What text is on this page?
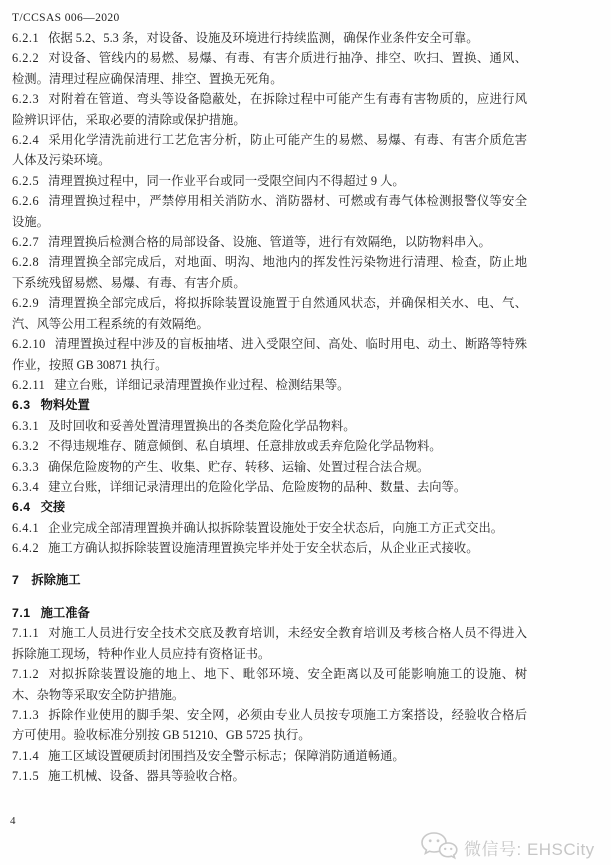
T/CCSAS 006—2020

6.2.1 依据 5.2、5.3 条，对设备、设施及环境进行持续监测，确保作业条件安全可靠。

6.2.2 对设备、管线内的易燃、易爆、有毒、有害介质进行抽净、排空、吹扫、置换、通风、检测。清理过程应确保清理、排空、置换无死角。

6.2.3 对附着在管道、弯头等设备隐蔽处，在拆除过程中可能产生有毒有害物质的，应进行风险辨识评估，采取必要的清除或保护措施。

6.2.4 采用化学清洗前进行工艺危害分析，防止可能产生的易燃、易爆、有毒、有害介质危害人体及污染环境。

6.2.5 清理置换过程中，同一作业平台或同一受限空间内不得超过 9 人。

6.2.6 清理置换过程中，严禁停用相关消防水、消防器材、可燃或有毒气体检测报警仪等安全设施。

6.2.7 清理置换后检测合格的局部设备、设施、管道等，进行有效隔绝，以防物料串入。

6.2.8 清理置换全部完成后，对地面、明沟、地池内的挥发性污染物进行清理、检查，防止地下系统残留易燃、易爆、有毒、有害介质。

6.2.9 清理置换全部完成后，将拟拆除装置设施置于自然通风状态，并确保相关水、电、气、汽、风等公用工程系统的有效隔绝。

6.2.10 清理置换过程中涉及的盲板抽堵、进入受限空间、高处、临时用电、动土、断路等特殊作业，按照 GB 30871 执行。

6.2.11 建立台账，详细记录清理置换作业过程、检测结果等。

6.3 物料处置

6.3.1 及时回收和妥善处置清理置换出的各类危险化学品物料。

6.3.2 不得违规堆存、随意倾倒、私自填埋、任意排放或丢弃危险化学品物料。

6.3.3 确保危险废物的产生、收集、贮存、转移、运输、处置过程合法合规。

6.3.4 建立台账，详细记录清理出的危险化学品、危险废物的品种、数量、去向等。

6.4 交接

6.4.1 企业完成全部清理置换并确认拟拆除装置设施处于安全状态后，向施工方正式交出。

6.4.2 施工方确认拟拆除装置设施清理置换完毕并处于安全状态后，从企业正式接收。

7 拆除施工

7.1 施工准备

7.1.1 对施工人员进行安全技术交底及教育培训，未经安全教育培训及考核合格人员不得进入拆除施工现场，特种作业人员应持有资格证书。

7.1.2 对拟拆除装置设施的地上、地下、毗邻环境、安全距离以及可能影响施工的设施、树木、杂物等采取安全防护措施。

7.1.3 拆除作业使用的脚手架、安全网，必须由专业人员按专项施工方案搭设，经验收合格后方可使用。验收标准分别按 GB 51210、GB 5725 执行。

7.1.4 施工区域设置硬质封闭围挡及安全警示标志；保障消防通道畅通。

7.1.5 施工机械、设备、器具等验收合格。

4
微信号: EHSCity
